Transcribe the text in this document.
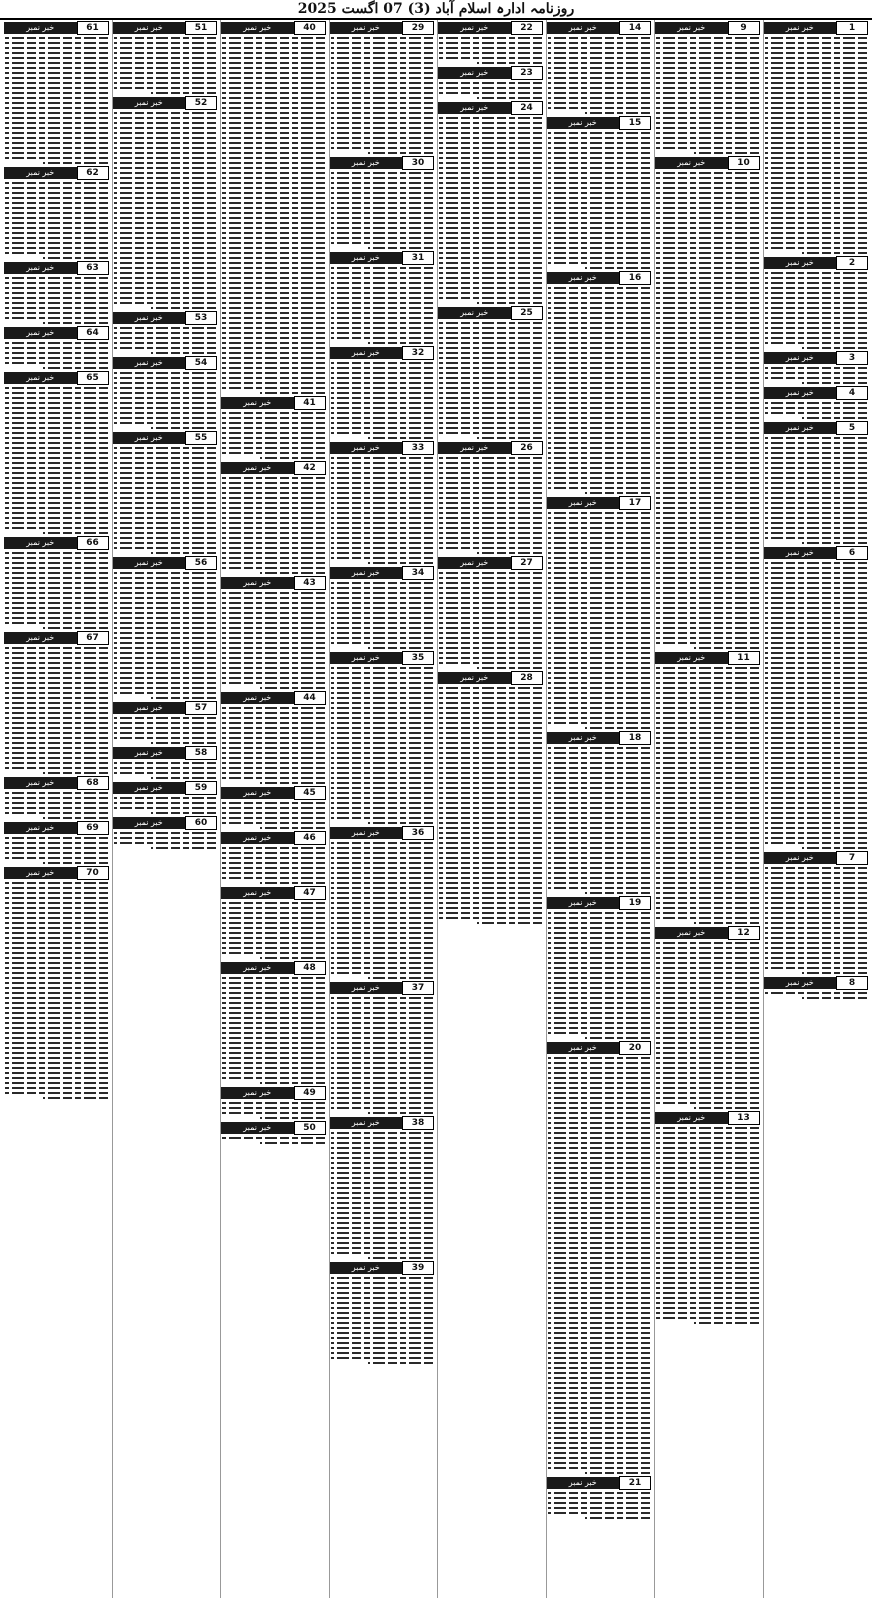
روزنامہ ادارہ اسلام آباد (3) 07 اگست 2025
1
خبر نمبر
2
خبر نمبر
3
خبر نمبر
4
خبر نمبر
5
خبر نمبر
6
خبر نمبر
7
خبر نمبر
8
خبر نمبر
9
خبر نمبر
10
خبر نمبر
11
خبر نمبر
12
خبر نمبر
13
خبر نمبر
14
خبر نمبر
15
خبر نمبر
16
خبر نمبر
17
خبر نمبر
18
خبر نمبر
19
خبر نمبر
20
خبر نمبر
21
خبر نمبر
22
خبر نمبر
23
خبر نمبر
24
خبر نمبر
25
خبر نمبر
26
خبر نمبر
27
خبر نمبر
28
خبر نمبر
29
خبر نمبر
30
خبر نمبر
31
خبر نمبر
32
خبر نمبر
33
خبر نمبر
34
خبر نمبر
35
خبر نمبر
36
خبر نمبر
37
خبر نمبر
38
خبر نمبر
39
خبر نمبر
40
خبر نمبر
41
خبر نمبر
42
خبر نمبر
43
خبر نمبر
44
خبر نمبر
45
خبر نمبر
46
خبر نمبر
47
خبر نمبر
48
خبر نمبر
49
خبر نمبر
50
خبر نمبر
51
خبر نمبر
52
خبر نمبر
53
خبر نمبر
54
خبر نمبر
55
خبر نمبر
56
خبر نمبر
57
خبر نمبر
58
خبر نمبر
59
خبر نمبر
60
خبر نمبر
61
خبر نمبر
62
خبر نمبر
63
خبر نمبر
64
خبر نمبر
65
خبر نمبر
66
خبر نمبر
67
خبر نمبر
68
خبر نمبر
69
خبر نمبر
70
خبر نمبر
